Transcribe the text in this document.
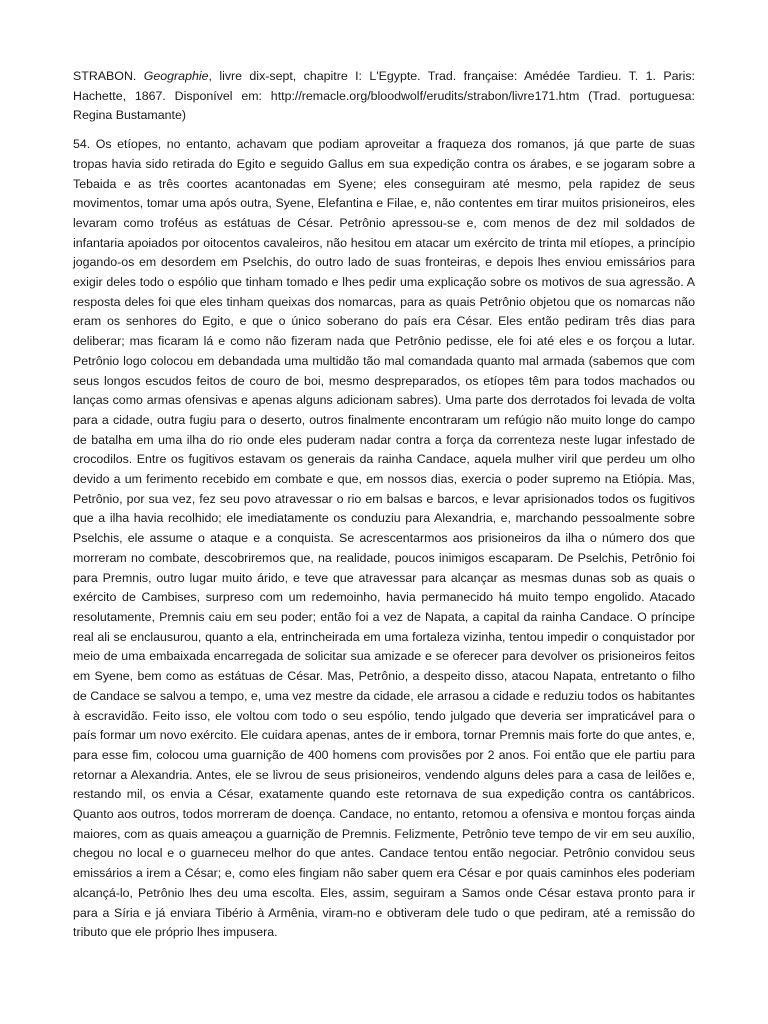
STRABON. Geographie, livre dix-sept, chapitre I: L'Egypte. Trad. française: Amédée Tardieu. T. 1. Paris: Hachette, 1867. Disponível em: http://remacle.org/bloodwolf/erudits/strabon/livre171.htm (Trad. portuguesa: Regina Bustamante)

54. Os etíopes, no entanto, achavam que podiam aproveitar a fraqueza dos romanos, já que parte de suas tropas havia sido retirada do Egito e seguido Gallus em sua expedição contra os árabes, e se jogaram sobre a Tebaida e as três coortes acantonadas em Syene; eles conseguiram até mesmo, pela rapidez de seus movimentos, tomar uma após outra, Syene, Elefantina e Filae, e, não contentes em tirar muitos prisioneiros, eles levaram como troféus as estátuas de César. Petrônio apressou-se e, com menos de dez mil soldados de infantaria apoiados por oitocentos cavaleiros, não hesitou em atacar um exército de trinta mil etíopes, a princípio jogando-os em desordem em Pselchis, do outro lado de suas fronteiras, e depois lhes enviou emissários para exigir deles todo o espólio que tinham tomado e lhes pedir uma explicação sobre os motivos de sua agressão. A resposta deles foi que eles tinham queixas dos nomarcas, para as quais Petrônio objetou que os nomarcas não eram os senhores do Egito, e que o único soberano do país era César. Eles então pediram três dias para deliberar; mas ficaram lá e como não fizeram nada que Petrônio pedisse, ele foi até eles e os forçou a lutar. Petrônio logo colocou em debandada uma multidão tão mal comandada quanto mal armada (sabemos que com seus longos escudos feitos de couro de boi, mesmo despreparados, os etíopes têm para todos machados ou lanças como armas ofensivas e apenas alguns adicionam sabres). Uma parte dos derrotados foi levada de volta para a cidade, outra fugiu para o deserto, outros finalmente encontraram um refúgio não muito longe do campo de batalha em uma ilha do rio onde eles puderam nadar contra a força da correnteza neste lugar infestado de crocodilos. Entre os fugitivos estavam os generais da rainha Candace, aquela mulher viril que perdeu um olho devido a um ferimento recebido em combate e que, em nossos dias, exercia o poder supremo na Etiópia. Mas, Petrônio, por sua vez, fez seu povo atravessar o rio em balsas e barcos, e levar aprisionados todos os fugitivos que a ilha havia recolhido; ele imediatamente os conduziu para Alexandria, e, marchando pessoalmente sobre Pselchis, ele assume o ataque e a conquista. Se acrescentarmos aos prisioneiros da ilha o número dos que morreram no combate, descobriremos que, na realidade, poucos inimigos escaparam. De Pselchis, Petrônio foi para Premnis, outro lugar muito árido, e teve que atravessar para alcançar as mesmas dunas sob as quais o exército de Cambises, surpreso com um redemoinho, havia permanecido há muito tempo engolido. Atacado resolutamente, Premnis caiu em seu poder; então foi a vez de Napata, a capital da rainha Candace. O príncipe real ali se enclausurou, quanto a ela, entrincheirada em uma fortaleza vizinha, tentou impedir o conquistador por meio de uma embaixada encarregada de solicitar sua amizade e se oferecer para devolver os prisioneiros feitos em Syene, bem como as estátuas de César. Mas, Petrônio, a despeito disso, atacou Napata, entretanto o filho de Candace se salvou a tempo, e, uma vez mestre da cidade, ele arrasou a cidade e reduziu todos os habitantes à escravidão. Feito isso, ele voltou com todo o seu espólio, tendo julgado que deveria ser impraticável para o país formar um novo exército. Ele cuidara apenas, antes de ir embora, tornar Premnis mais forte do que antes, e, para esse fim, colocou uma guarnição de 400 homens com provisões por 2 anos. Foi então que ele partiu para retornar a Alexandria. Antes, ele se livrou de seus prisioneiros, vendendo alguns deles para a casa de leilões e, restando mil, os envia a César, exatamente quando este retornava de sua expedição contra os cantábricos. Quanto aos outros, todos morreram de doença. Candace, no entanto, retomou a ofensiva e montou forças ainda maiores, com as quais ameaçou a guarnição de Premnis. Felizmente, Petrônio teve tempo de vir em seu auxílio, chegou no local e o guarneceu melhor do que antes. Candace tentou então negociar. Petrônio convidou seus emissários a irem a César; e, como eles fingiam não saber quem era César e por quais caminhos eles poderiam alcançá-lo, Petrônio lhes deu uma escolta. Eles, assim, seguiram a Samos onde César estava pronto para ir para a Síria e já enviara Tibério à Armênia, viram-no e obtiveram dele tudo o que pediram, até a remissão do tributo que ele próprio lhes impusera.
